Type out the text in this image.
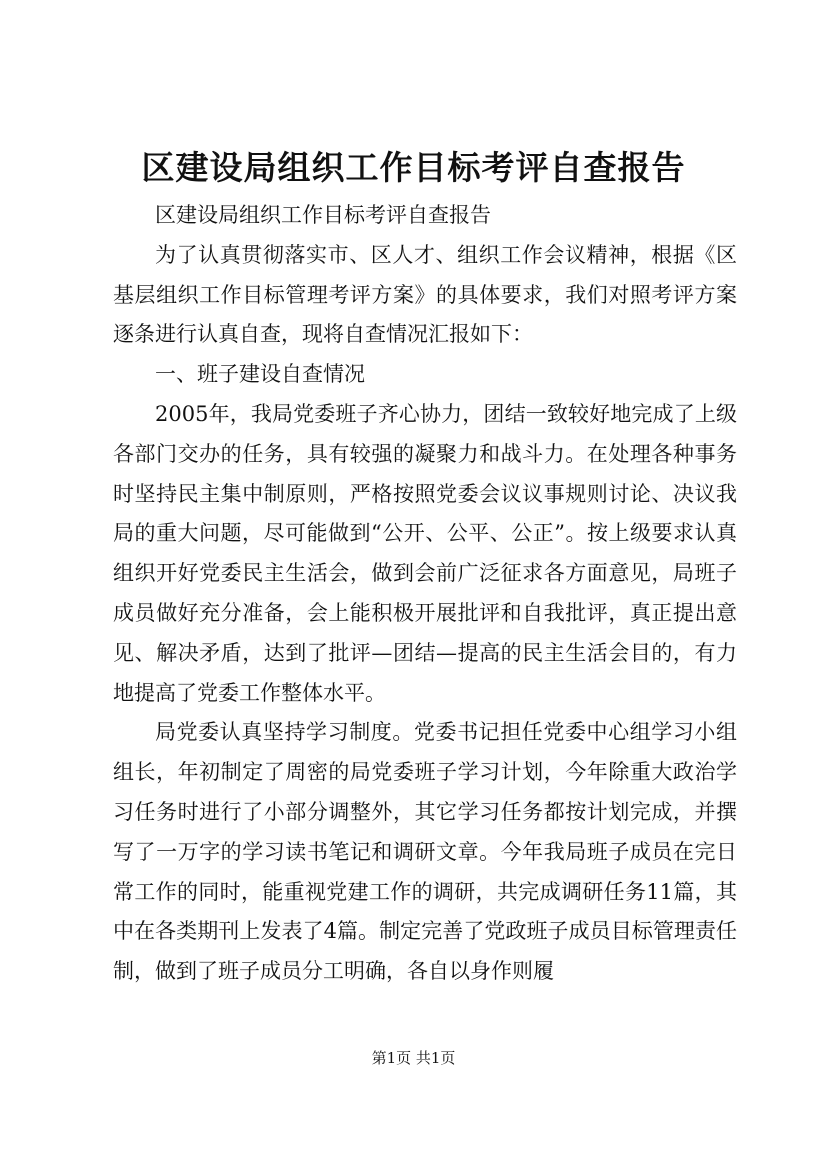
区建设局组织工作目标考评自查报告

区建设局组织工作目标考评自查报告

为了认真贯彻落实市、区人才、组织工作会议精神，根据《区基层组织工作目标管理考评方案》的具体要求，我们对照考评方案逐条进行认真自查，现将自查情况汇报如下：

一、班子建设自查情况

2005年，我局党委班子齐心协力，团结一致较好地完成了上级各部门交办的任务，具有较强的凝聚力和战斗力。在处理各种事务时坚持民主集中制原则，严格按照党委会议议事规则讨论、决议我局的重大问题，尽可能做到“公开、公平、公正”。按上级要求认真组织开好党委民主生活会，做到会前广泛征求各方面意见，局班子成员做好充分准备，会上能积极开展批评和自我批评，真正提出意见、解决矛盾，达到了批评—团结—提高的民主生活会目的，有力地提高了党委工作整体水平。

局党委认真坚持学习制度。党委书记担任党委中心组学习小组组长，年初制定了周密的局党委班子学习计划，今年除重大政治学习任务时进行了小部分调整外，其它学习任务都按计划完成，并撰写了一万字的学习读书笔记和调研文章。今年我局班子成员在完日常工作的同时，能重视党建工作的调研，共完成调研任务11篇，其中在各类期刊上发表了4篇。制定完善了党政班子成员目标管理责任制，做到了班子成员分工明确，各自以身作则履

第1页 共1页
